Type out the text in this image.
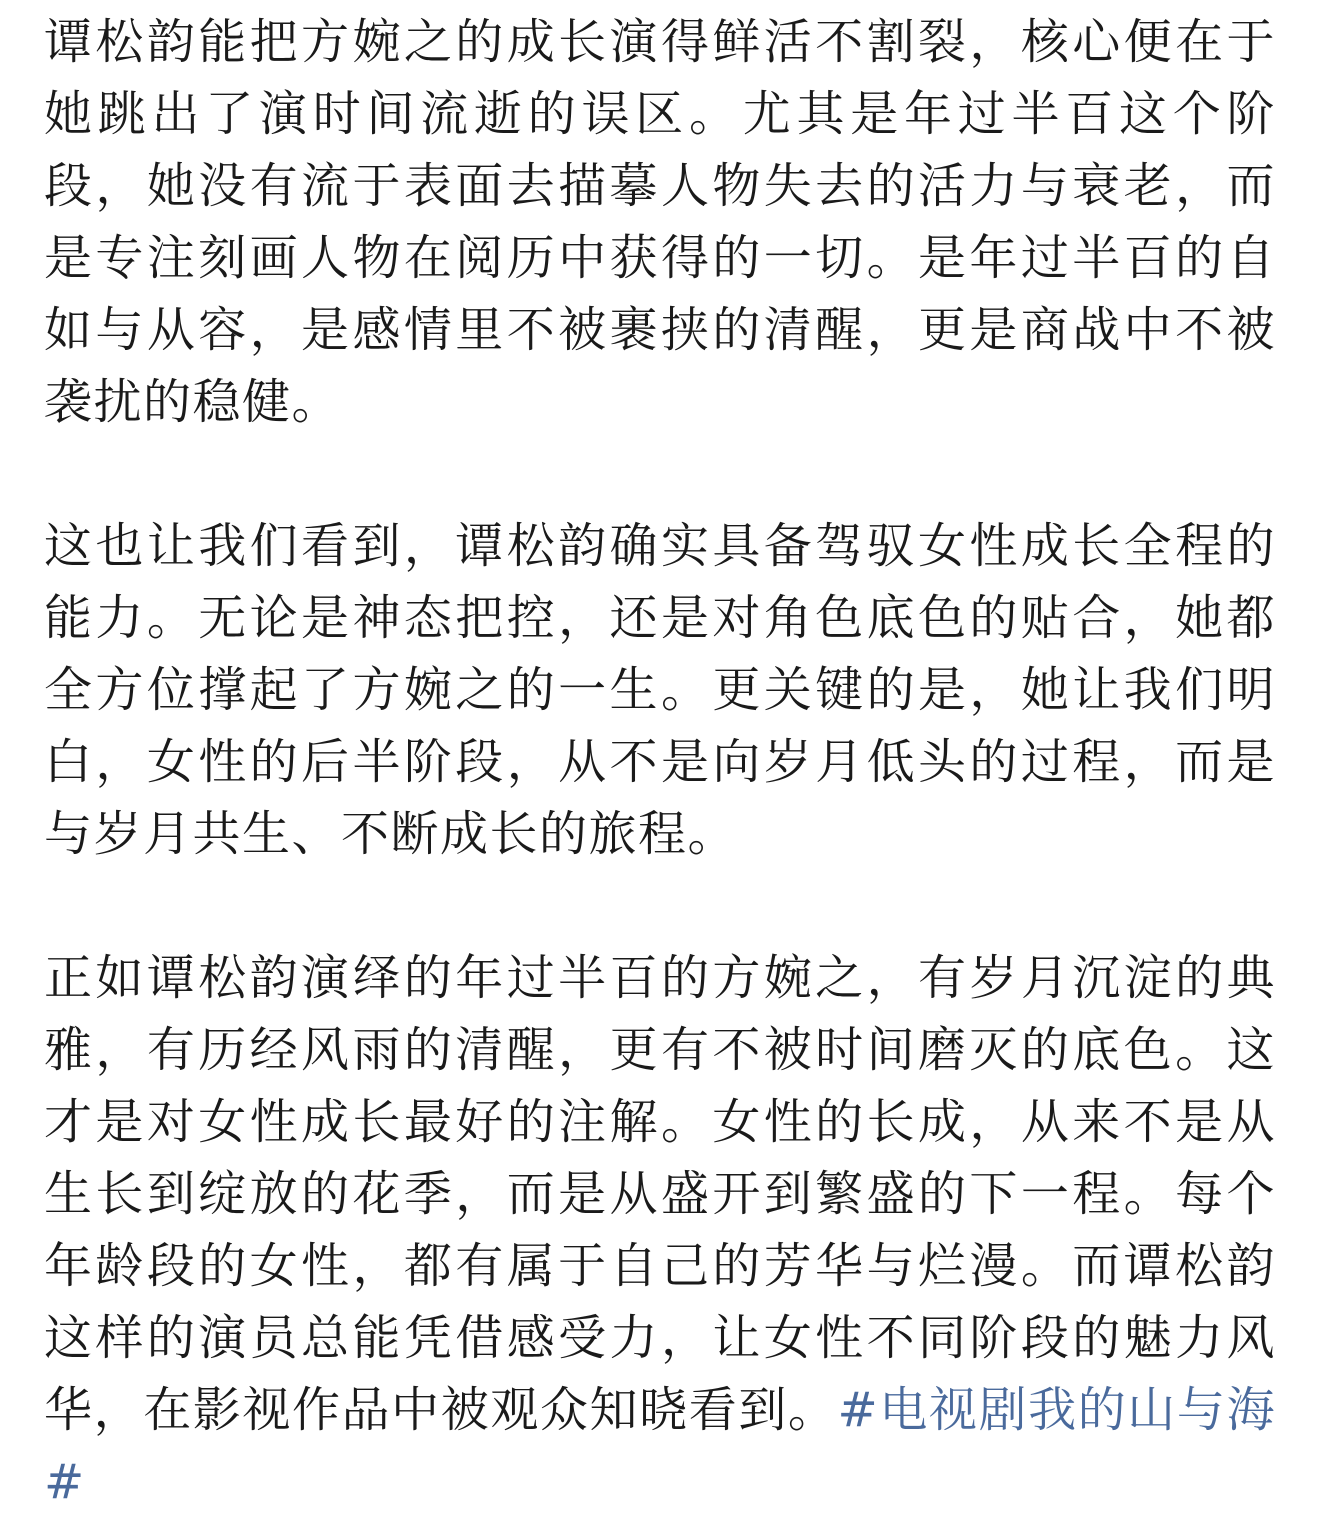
谭松韵能把方婉之的成长演得鲜活不割裂，核心便在于她跳出了演时间流逝的误区。尤其是年过半百这个阶段，她没有流于表面去描摹人物失去的活力与衰老，而是专注刻画人物在阅历中获得的一切。是年过半百的自如与从容，是感情里不被裹挟的清醒，更是商战中不被袭扰的稳健。

这也让我们看到，谭松韵确实具备驾驭女性成长全程的能力。无论是神态把控，还是对角色底色的贴合，她都全方位撑起了方婉之的一生。更关键的是，她让我们明白，女性的后半阶段，从不是向岁月低头的过程，而是与岁月共生、不断成长的旅程。

正如谭松韵演绎的年过半百的方婉之，有岁月沉淀的典雅，有历经风雨的清醒，更有不被时间磨灭的底色。这才是对女性成长最好的注解。女性的长成，从来不是从生长到绽放的花季，而是从盛开到繁盛的下一程。每个年龄段的女性，都有属于自己的芳华与烂漫。而谭松韵这样的演员总能凭借感受力，让女性不同阶段的魅力风华，在影视作品中被观众知晓看到。#电视剧我的山与海#
